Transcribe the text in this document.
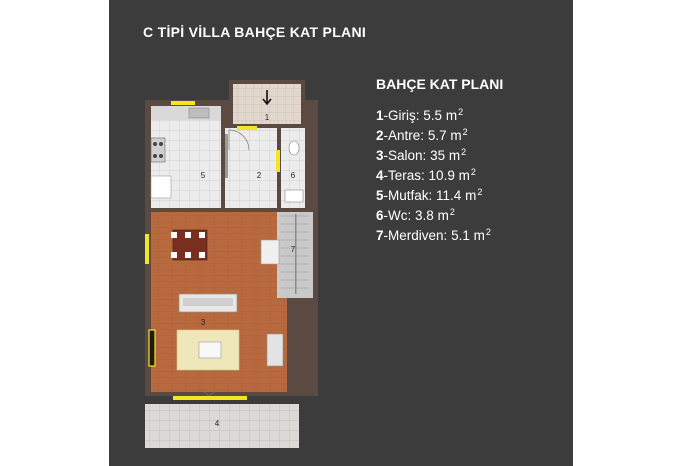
C TİPİ VİLLA BAHÇE KAT PLANI
BAHÇE KAT PLANI
1-Giriş: 5.5 $m^2$
2-Antre: 5.7 $m^2$
3-Salon: 35 $m^2$
4-Teras: 10.9 $m^2$
5-Mutfak: 11.4 $m^2$
6-Wc: 3.8 $m^2$
7-Merdiven: 5.1 $m^2$
1
2
3
4
5	6
7
